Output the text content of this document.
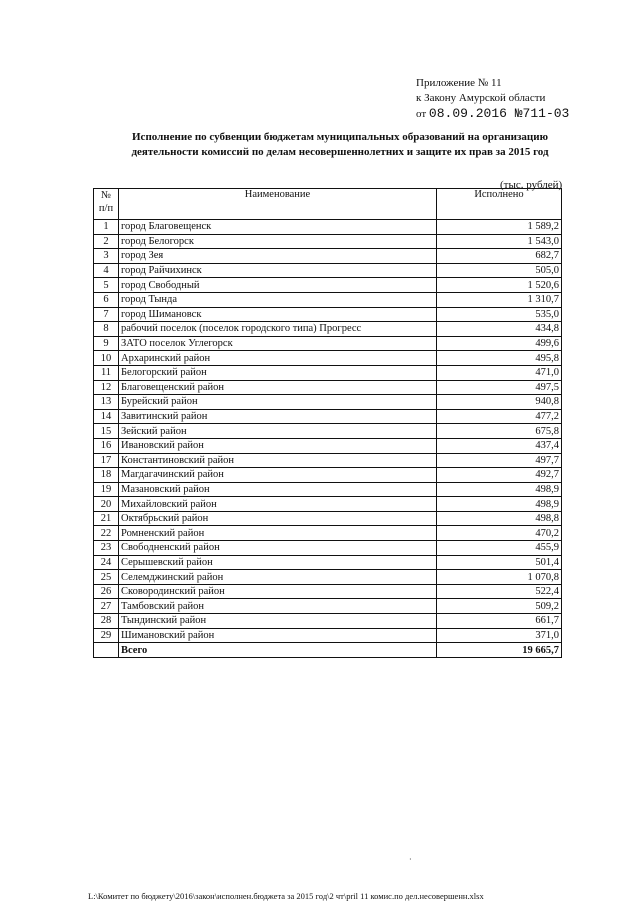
Приложение № 11
к Закону Амурской области
от 08.09.2016 №711-03
Исполнение по субвенции бюджетам муниципальных образований на организацию деятельности комиссий по делам несовершеннолетних и защите их прав за 2015 год
(тыс. рублей)
№ п/п	Наименование	Исполнено
1	город Благовещенск	1 589,2
2	город Белогорск	1 543,0
3	город Зея	682,7
4	город Райчихинск	505,0
5	город Свободный	1 520,6
6	город Тында	1 310,7
7	город Шимановск	535,0
8	рабочий поселок (поселок городского типа) Прогресс	434,8
9	ЗАТО поселок Углегорск	499,6
10	Архаринский район	495,8
11	Белогорский район	471,0
12	Благовещенский район	497,5
13	Бурейский район	940,8
14	Завитинский район	477,2
15	Зейский район	675,8
16	Ивановский район	437,4
17	Константиновский район	497,7
18	Магдагачинский район	492,7
19	Мазановский район	498,9
20	Михайловский район	498,9
21	Октябрьский район	498,8
22	Ромненский район	470,2
23	Свободненский район	455,9
24	Серышевский район	501,4
25	Селемджинский район	1 070,8
26	Сковородинский район	522,4
27	Тамбовский район	509,2
28	Тындинский район	661,7
29	Шимановский район	371,0
	Всего	19 665,7
·
L:\Комитет по бюджету\2016\закон\исполнен.бюджета за 2015 год\2 чт\pril 11 комис.по дел.несовершенн.xlsx
